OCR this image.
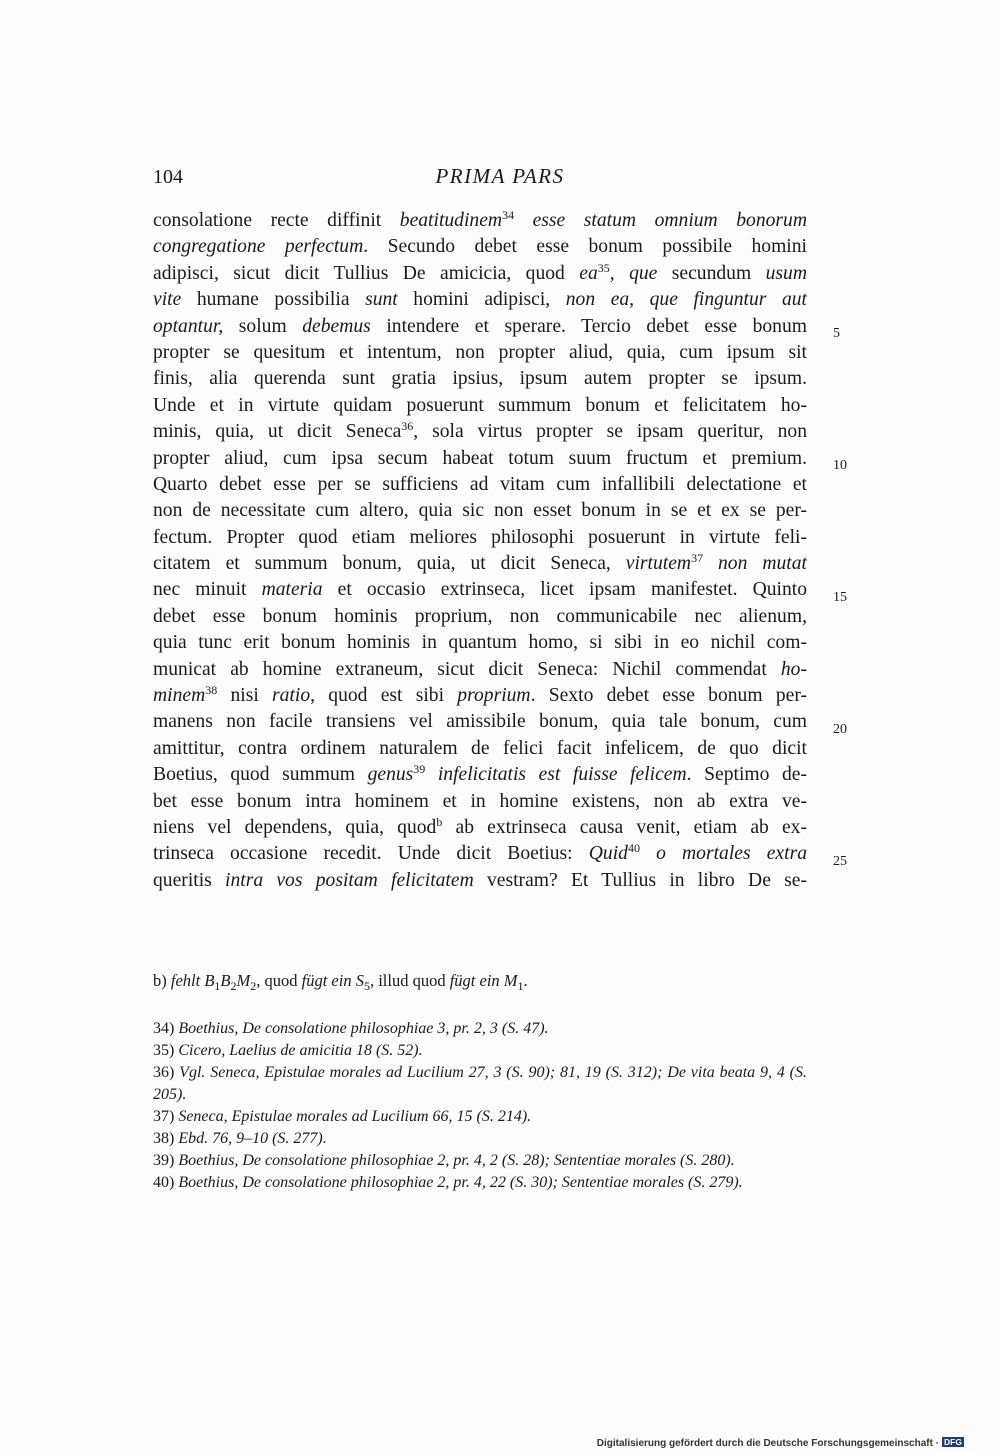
104	PRIMA PARS
consolatione recte diffinit beatitudinem$^{34}$ esse statum omnium bonorum
congregatione perfectum. Secundo debet esse bonum possibile homini
adipisci, sicut dicit Tullius De amicicia, quod $ea^{35}$, que secundum usum
vite humane possibilia sunt homini adipisci, non ea, que finguntur aut
optantur, solum debemus intendere et sperare. Tercio debet esse bonum
propter se quesitum et intentum, non propter aliud, quia, cum ipsum sit
finis, alia querenda sunt gratia ipsius, ipsum autem propter se ipsum.
Unde et in virtute quidam posuerunt summum bonum et felicitatem ho-
minis, quia, ut dicit Seneca$^{36}$, sola virtus propter se ipsam queritur, non
propter aliud, cum ipsa secum habeat totum suum fructum et premium.
Quarto debet esse per se sufficiens ad vitam cum infallibili delectatione et
non de necessitate cum altero, quia sic non esset bonum in se et ex se per-
fectum. Propter quod etiam meliores philosophi posuerunt in virtute feli-
citatem et summum bonum, quia, ut dicit Seneca, virtutem$^{37}$ non mutat
nec minuit materia et occasio extrinseca, licet ipsam manifestet. Quinto
debet esse bonum hominis proprium, non communicabile nec alienum,
quia tunc erit bonum hominis in quantum homo, si sibi in eo nichil com-
municat ab homine extraneum, sicut dicit Seneca: Nichil commendat ho-
minem$^{38}$ nisi ratio, quod est sibi proprium. Sexto debet esse bonum per-
manens non facile transiens vel amissibile bonum, quia tale bonum, cum
amittitur, contra ordinem naturalem de felici facit infelicem, de quo dicit
Boetius, quod summum genus$^{39}$ infelicitatis est fuisse felicem. Septimo de-
bet esse bonum intra hominem et in homine existens, non ab extra ve-
niens vel dependens, quia, quod$^b$ ab extrinseca causa venit, etiam ab ex-
trinseca occasione recedit. Unde dicit Boetius: Quid$^{40}$ o mortales extra
queritis intra vos positam felicitatem vestram? Et Tullius in libro De se-
5
10
15
20
25
b) fehlt $B_1B_2M_2$, quod fügt ein $S_5$, illud quod fügt ein $M_1$.
34) Boethius, De consolatione philosophiae 3, pr. 2, 3 (S. 47).
35) Cicero, Laelius de amicitia 18 (S. 52).
36) Vgl. Seneca, Epistulae morales ad Lucilium 27, 3 (S. 90); 81, 19 (S. 312); De vita beata 9, 4 (S. 205).
37) Seneca, Epistulae morales ad Lucilium 66, 15 (S. 214).
38) Ebd. 76, 9–10 (S. 277).
39) Boethius, De consolatione philosophiae 2, pr. 4, 2 (S. 28); Sententiae morales (S. 280).
40) Boethius, De consolatione philosophiae 2, pr. 4, 22 (S. 30); Sententiae morales (S. 279).
Digitalisierung gefördert durch die Deutsche Forschungsgemeinschaft · DFG
